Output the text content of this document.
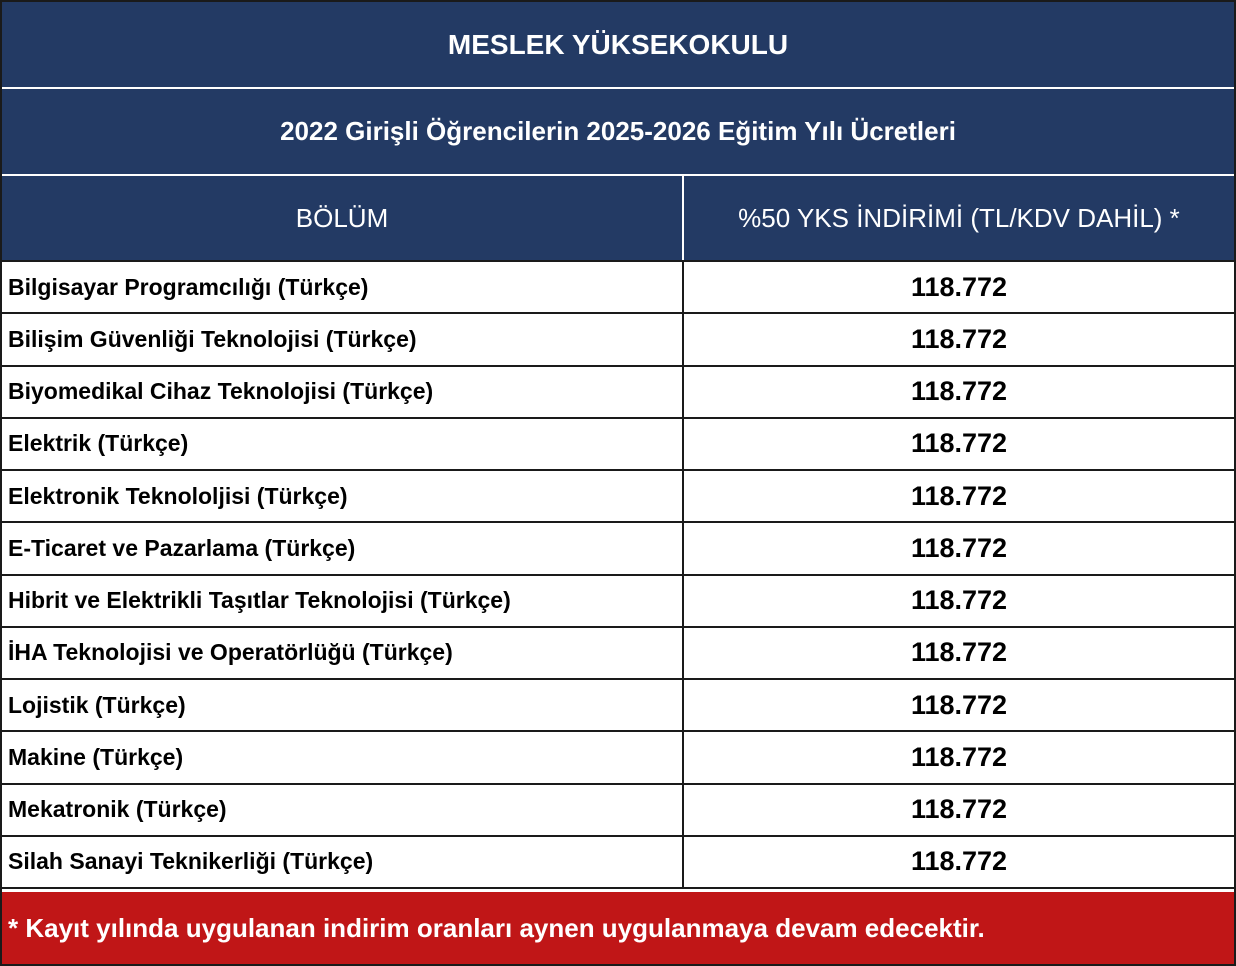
MESLEK YÜKSEKOKULU
2022 Girişli Öğrencilerin 2025-2026 Eğitim Yılı Ücretleri
BÖLÜM	%50 YKS İNDİRİMİ (TL/KDV DAHİL) *
Bilgisayar Programcılığı (Türkçe)	118.772
Bilişim Güvenliği Teknolojisi (Türkçe)	118.772
Biyomedikal Cihaz Teknolojisi (Türkçe)	118.772
Elektrik (Türkçe)	118.772
Elektronik Teknololjisi (Türkçe)	118.772
E-Ticaret ve Pazarlama (Türkçe)	118.772
Hibrit ve Elektrikli Taşıtlar Teknolojisi (Türkçe)	118.772
İHA Teknolojisi ve Operatörlüğü (Türkçe)	118.772
Lojistik (Türkçe)	118.772
Makine (Türkçe)	118.772
Mekatronik (Türkçe)	118.772
Silah Sanayi Teknikerliği (Türkçe)	118.772
* Kayıt yılında uygulanan indirim oranları aynen uygulanmaya devam edecektir.
